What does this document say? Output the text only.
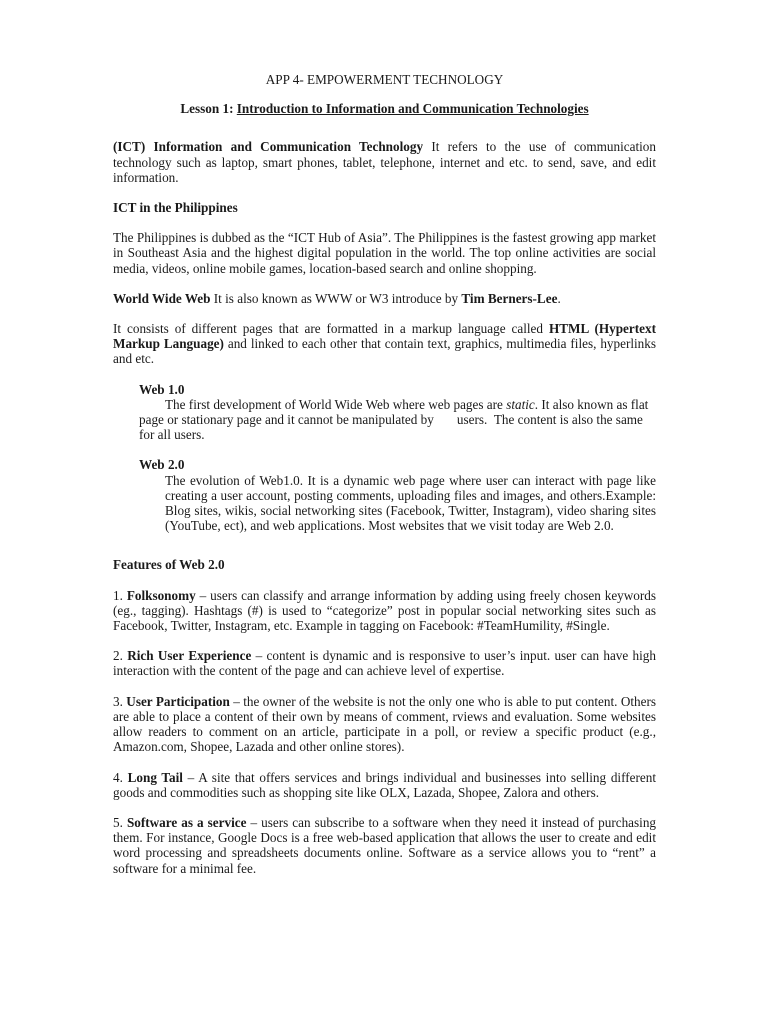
APP 4- EMPOWERMENT TECHNOLOGY
Lesson 1: Introduction to Information and Communication Technologies

(ICT) Information and Communication Technology It refers to the use of communication technology such as laptop, smart phones, tablet, telephone, internet and etc. to send, save, and edit information.

ICT in the Philippines

The Philippines is dubbed as the “ICT Hub of Asia”. The Philippines is the fastest growing app market in Southeast Asia and the highest digital population in the world. The top online activities are social media, videos, online mobile games, location-based search and online shopping.

World Wide Web It is also known as WWW or W3 introduce by Tim Berners-Lee.

It consists of different pages that are formatted in a markup language called HTML (Hypertext Markup Language) and linked to each other that contain text, graphics, multimedia files, hyperlinks and etc.

Web 1.0
The first development of World Wide Web where web pages are static. It also known as flat page or stationary page and it cannot be manipulated by       users.  The content is also the same for all users.
Web 2.0
The evolution of Web1.0. It is a dynamic web page where user can interact with page like creating a user account, posting comments, uploading files and images, and others.Example: Blog sites, wikis, social networking sites (Facebook, Twitter, Instagram), video sharing sites (YouTube, ect), and web applications. Most websites that we visit today are Web 2.0.
Features of Web 2.0
1. Folksonomy – users can classify and arrange information by adding using freely chosen keywords (eg., tagging). Hashtags (#) is used to “categorize” post in popular social networking sites such as Facebook, Twitter, Instagram, etc. Example in tagging on Facebook: #TeamHumility, #Single.
2. Rich User Experience – content is dynamic and is responsive to user’s input. user can have high interaction with the content of the page and can achieve level of expertise.
3. User Participation – the owner of the website is not the only one who is able to put content. Others are able to place a content of their own by means of comment, rviews and evaluation. Some websites allow readers to comment on an article, participate in a poll, or review a specific product (e.g., Amazon.com, Shopee, Lazada and other online stores).
4. Long Tail – A site that offers services and brings individual and businesses into selling different goods and commodities such as shopping site like OLX, Lazada, Shopee, Zalora and others.
5. Software as a service – users can subscribe to a software when they need it instead of purchasing them. For instance, Google Docs is a free web-based application that allows the user to create and edit word processing and spreadsheets documents online. Software as a service allows you to “rent” a software for a minimal fee.
